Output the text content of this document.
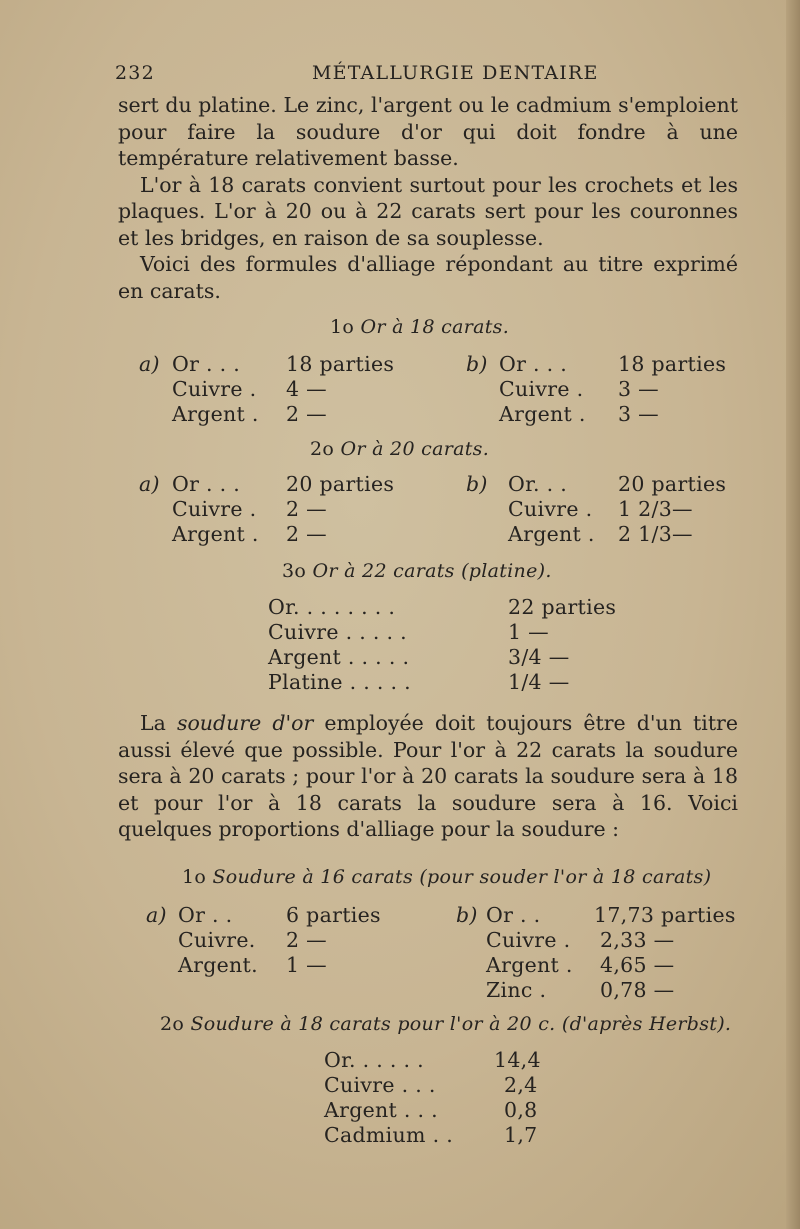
232	MÉTALLURGIE DENTAIRE

sert du platine. Le zinc, l'argent ou le cadmium s'emploient pour faire la soudure d'or qui doit fondre à une température relativement basse.

L'or à 18 carats convient surtout pour les crochets et les plaques. L'or à 20 ou à 22 carats sert pour les couronnes et les bridges, en raison de sa souplesse.

Voici des formules d'alliage répondant au titre exprimé en carats.

1o Or à 18 carats.
a) Or . . .
Cuivre .
Argent .
18 parties
4 —
2 —
b) Or . . .
Cuivre .
Argent .
18 parties
3 —
3 —
2o Or à 20 carats.
a) Or . . .
Cuivre .
Argent .
20 parties
2 —
2 —
b) Or. . .
Cuivre .
Argent .
20 parties
1 2/3—
2 1/3—
3o Or à 22 carats (platine).
Or. . . . . . . .
Cuivre . . . . .
Argent . . . . .
Platine . . . . .
22 parties
1 —
3/4 —
1/4 —
La soudure d'or employée doit toujours être d'un titre aussi élevé que possible. Pour l'or à 22 carats la soudure sera à 20 carats ; pour l'or à 20 carats la soudure sera à 18 et pour l'or à 18 carats la soudure sera à 16. Voici quelques proportions d'alliage pour la soudure :
1o Soudure à 16 carats (pour souder l'or à 18 carats)
a) Or . .
Cuivre.
Argent.
6 parties
2 —
1 —
b) Or . .
Cuivre .
Argent .
Zinc .
17,73 parties
2,33 —
4,65 —
0,78 —
2o Soudure à 18 carats pour l'or à 20 c. (d'après Herbst).
Or. . . . . .
Cuivre . . .
Argent . . .
Cadmium . .
14,4
2,4
0,8
1,7
